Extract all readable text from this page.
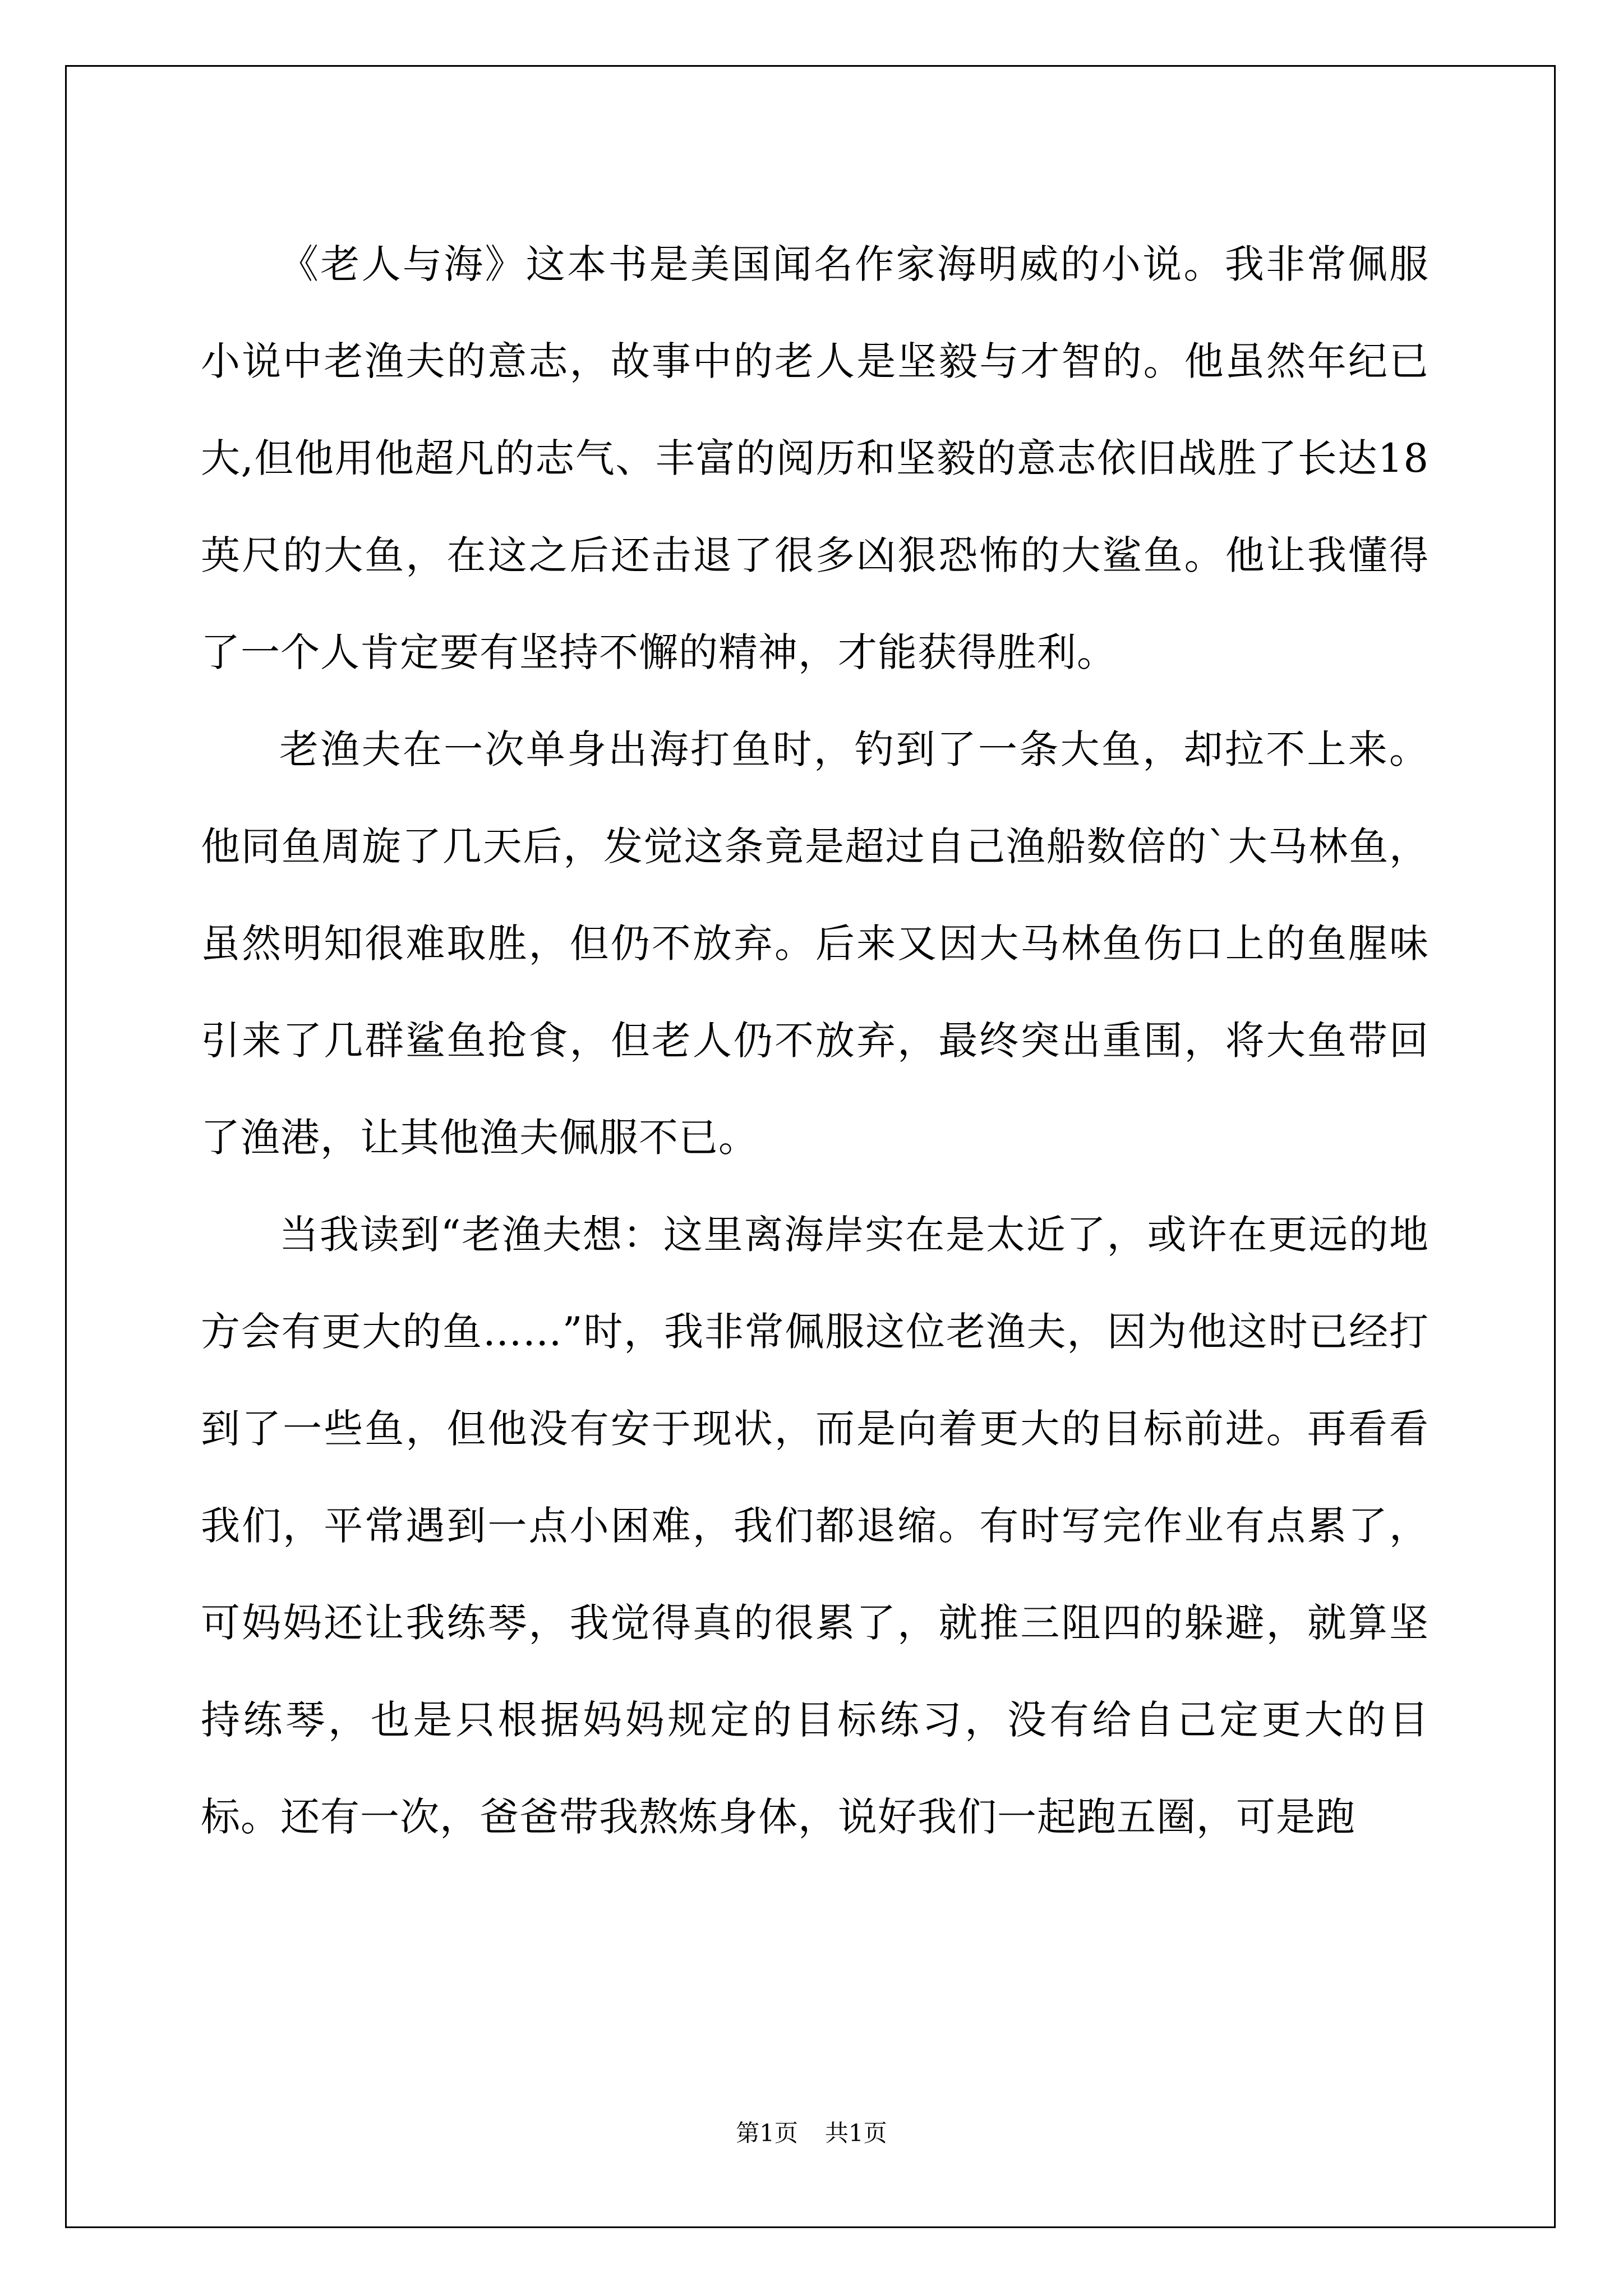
《老人与海》这本书是美国闻名作家海明威的小说。我非常佩服小说中老渔夫的意志，故事中的老人是坚毅与才智的。他虽然年纪已大,但他用他超凡的志气、丰富的阅历和坚毅的意志依旧战胜了长达18英尺的大鱼，在这之后还击退了很多凶狠恐怖的大鲨鱼。他让我懂得了一个人肯定要有坚持不懈的精神，才能获得胜利。

老渔夫在一次单身出海打鱼时，钓到了一条大鱼，却拉不上来。他同鱼周旋了几天后，发觉这条竟是超过自己渔船数倍的`大马林鱼，虽然明知很难取胜，但仍不放弃。后来又因大马林鱼伤口上的鱼腥味引来了几群鲨鱼抢食，但老人仍不放弃，最终突出重围，将大鱼带回了渔港，让其他渔夫佩服不已。

当我读到“老渔夫想：这里离海岸实在是太近了，或许在更远的地方会有更大的鱼……”时，我非常佩服这位老渔夫，因为他这时已经打到了一些鱼，但他没有安于现状，而是向着更大的目标前进。再看看我们，平常遇到一点小困难，我们都退缩。有时写完作业有点累了，可妈妈还让我练琴，我觉得真的很累了，就推三阻四的躲避，就算坚持练琴，也是只根据妈妈规定的目标练习，没有给自己定更大的目标。还有一次，爸爸带我熬炼身体，说好我们一起跑五圈，可是跑

第1页 共1页
